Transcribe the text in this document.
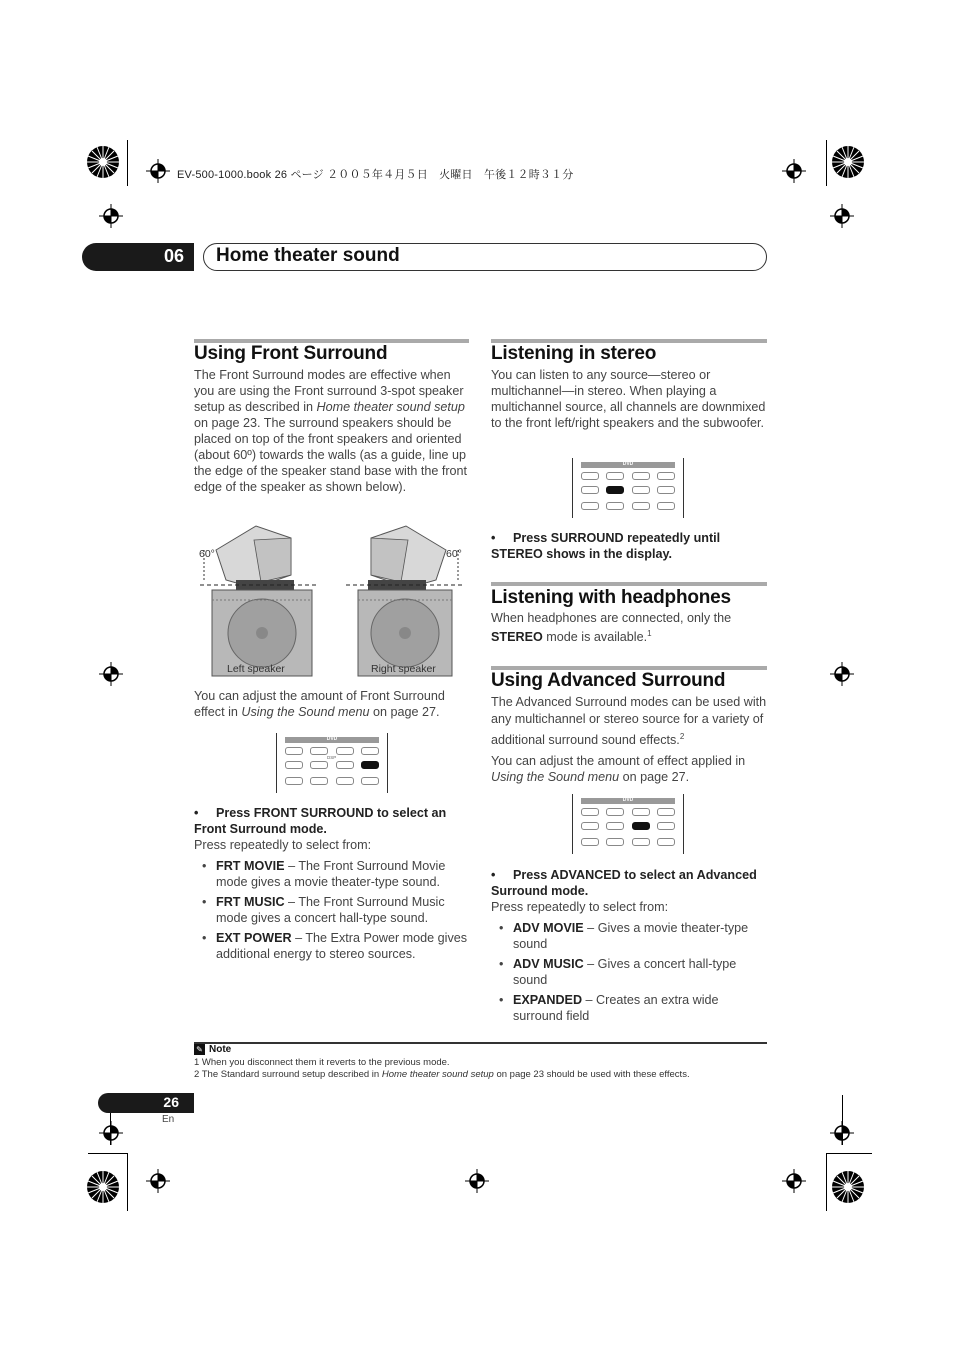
EV-500-1000.book 26 ページ ２００５年４月５日　火曜日　午後１２時３１分
06 Home theater sound
Using Front Surround

The Front Surround modes are effective when you are using the Front surround 3-spot speaker setup as described in Home theater sound setup on page 23. The surround speakers should be placed on top of the front speakers and oriented (about 60º) towards the walls (as a guide, line up the edge of the speaker stand base with the front edge of the speaker as shown below).

60°	60°
Left speaker	Right speaker

You can adjust the amount of Front Surround effect in Using the Sound menu on page 27.

DVD
DSP
• Press FRONT SURROUND to select an Front Surround mode.
Press repeatedly to select from:
• FRT MOVIE – The Front Surround Movie mode gives a movie theater-type sound.
• FRT MUSIC – The Front Surround Music mode gives a concert hall-type sound.
• EXT POWER – The Extra Power mode gives additional energy to stereo sources.
Listening in stereo
You can listen to any source—stereo or multichannel—in stereo. When playing a multichannel source, all channels are downmixed to the front left/right speakers and the subwoofer.
DVD
• Press SURROUND repeatedly until STEREO shows in the display.
Listening with headphones

When headphones are connected, only the STEREO mode is available.$^1$

Using Advanced Surround

The Advanced Surround modes can be used with any multichannel or stereo source for a variety of additional surround sound effects.$^2$

You can adjust the amount of effect applied in Using the Sound menu on page 27.

DVD
• Press ADVANCED to select an Advanced Surround mode.
Press repeatedly to select from:
• ADV MOVIE – Gives a movie theater-type sound
• ADV MUSIC – Gives a concert hall-type sound
• EXPANDED – Creates an extra wide surround field
✎ Note
1 When you disconnect them it reverts to the previous mode.
2 The Standard surround setup described in Home theater sound setup on page 23 should be used with these effects.
26
En
